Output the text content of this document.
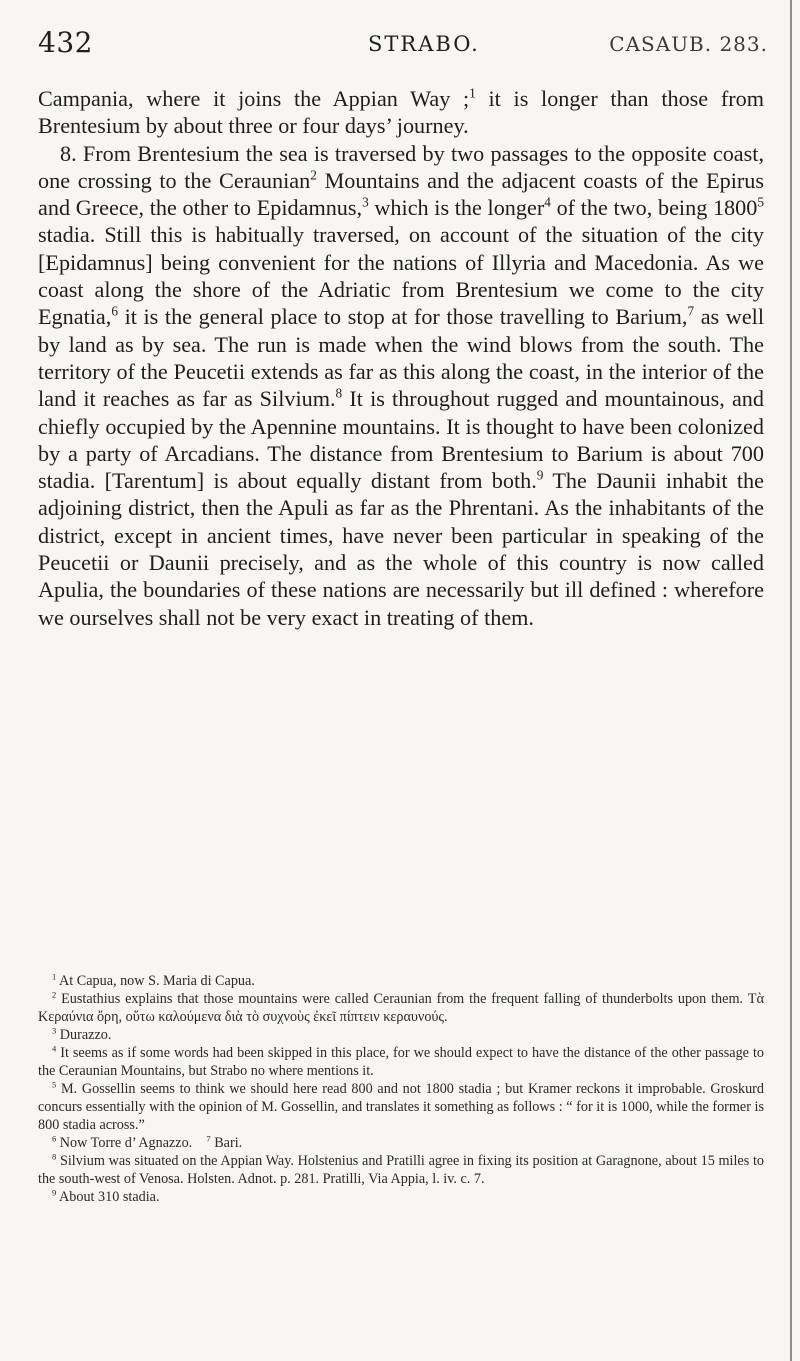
432	STRABO.	CASAUB. 283.

Campania, where it joins the Appian Way ;$^1$ it is longer than those from Brentesium by about three or four days’ journey.

8. From Brentesium the sea is traversed by two passages to the opposite coast, one crossing to the Ceraunian$^2$ Mountains and the adjacent coasts of the Epirus and Greece, the other to Epidamnus,$^3$ which is the longer$^4$ of the two, being 1800$^5$ stadia. Still this is habitually traversed, on account of the situation of the city [Epidamnus] being convenient for the nations of Illyria and Macedonia. As we coast along the shore of the Adriatic from Brentesium we come to the city Egnatia,$^6$ it is the general place to stop at for those travelling to Barium,$^7$ as well by land as by sea. The run is made when the wind blows from the south. The territory of the Peucetii extends as far as this along the coast, in the interior of the land it reaches as far as Silvium.$^8$ It is throughout rugged and mountainous, and chiefly occupied by the Apennine mountains. It is thought to have been colonized by a party of Arcadians. The distance from Brentesium to Barium is about 700 stadia. [Tarentum] is about equally distant from both.$^9$ The Daunii inhabit the adjoining district, then the Apuli as far as the Phrentani. As the inhabitants of the district, except in ancient times, have never been particular in speaking of the Peucetii or Daunii precisely, and as the whole of this country is now called Apulia, the boundaries of these nations are necessarily but ill defined : wherefore we ourselves shall not be very exact in treating of them.

$^1$ At Capua, now S. Maria di Capua.

$^2$ Eustathius explains that those mountains were called Ceraunian from the frequent falling of thunderbolts upon them. Τὰ Κεραύνια ὄρη, οὕτω καλούμενα διὰ τὸ συχνοὺς ἐκεῖ πίπτειν κεραυνούς.

$^3$ Durazzo.

$^4$ It seems as if some words had been skipped in this place, for we should expect to have the distance of the other passage to the Ceraunian Mountains, but Strabo no where mentions it.

$^5$ M. Gossellin seems to think we should here read 800 and not 1800 stadia ; but Kramer reckons it improbable. Groskurd concurs essentially with the opinion of M. Gossellin, and translates it something as follows : “ for it is 1000, while the former is 800 stadia across.”

$^6$ Now Torre d’ Agnazzo. $^7$ Bari.

$^8$ Silvium was situated on the Appian Way. Holstenius and Pratilli agree in fixing its position at Garagnone, about 15 miles to the south-west of Venosa. Holsten. Adnot. p. 281. Pratilli, Via Appia, l. iv. c. 7.

$^9$ About 310 stadia.
